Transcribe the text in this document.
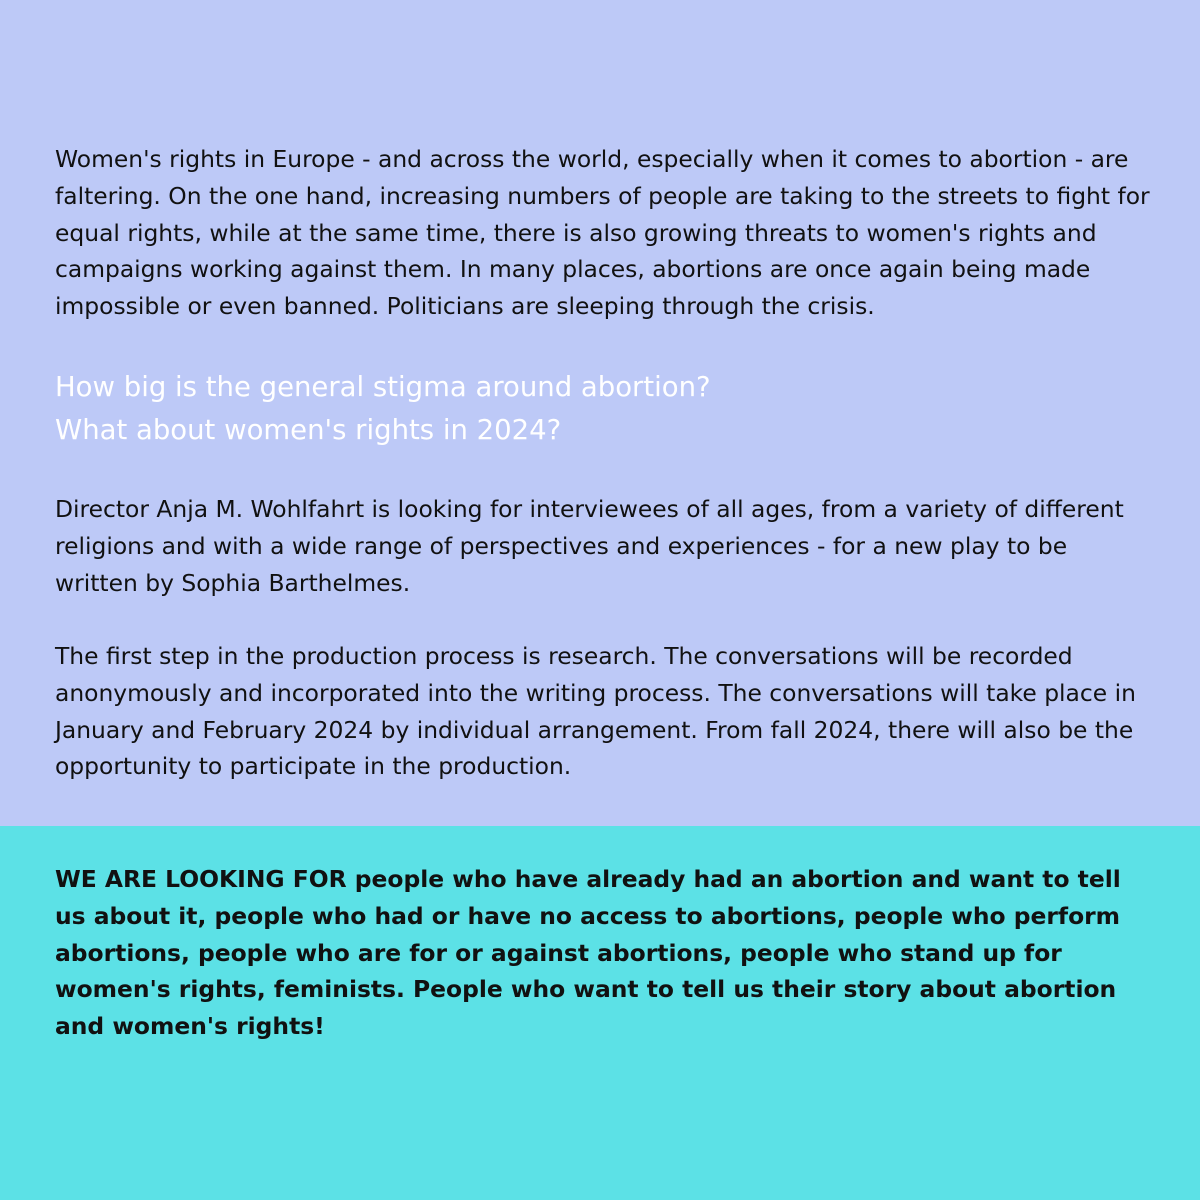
Women's rights in Europe - and across the world, especially when it comes to abortion - are faltering. On the one hand, increasing numbers of people are taking to the streets to fight for equal rights, while at the same time, there is also growing threats to women's rights and campaigns working against them. In many places, abortions are once again being made impossible or even banned. Politicians are sleeping through the crisis.

How big is the general stigma around abortion?
What about women's rights in 2024?

Director Anja M. Wohlfahrt is looking for interviewees of all ages, from a variety of different religions and with a wide range of perspectives and experiences - for a new play to be written by Sophia Barthelmes.

The first step in the production process is research. The conversations will be recorded anonymously and incorporated into the writing process. The conversations will take place in January and February 2024 by individual arrangement. From fall 2024, there will also be the opportunity to participate in the production.

WE ARE LOOKING FOR people who have already had an abortion and want to tell us about it, people who had or have no access to abortions, people who perform abortions, people who are for or against abortions, people who stand up for women's rights, feminists. People who want to tell us their story about abortion and women's rights!
